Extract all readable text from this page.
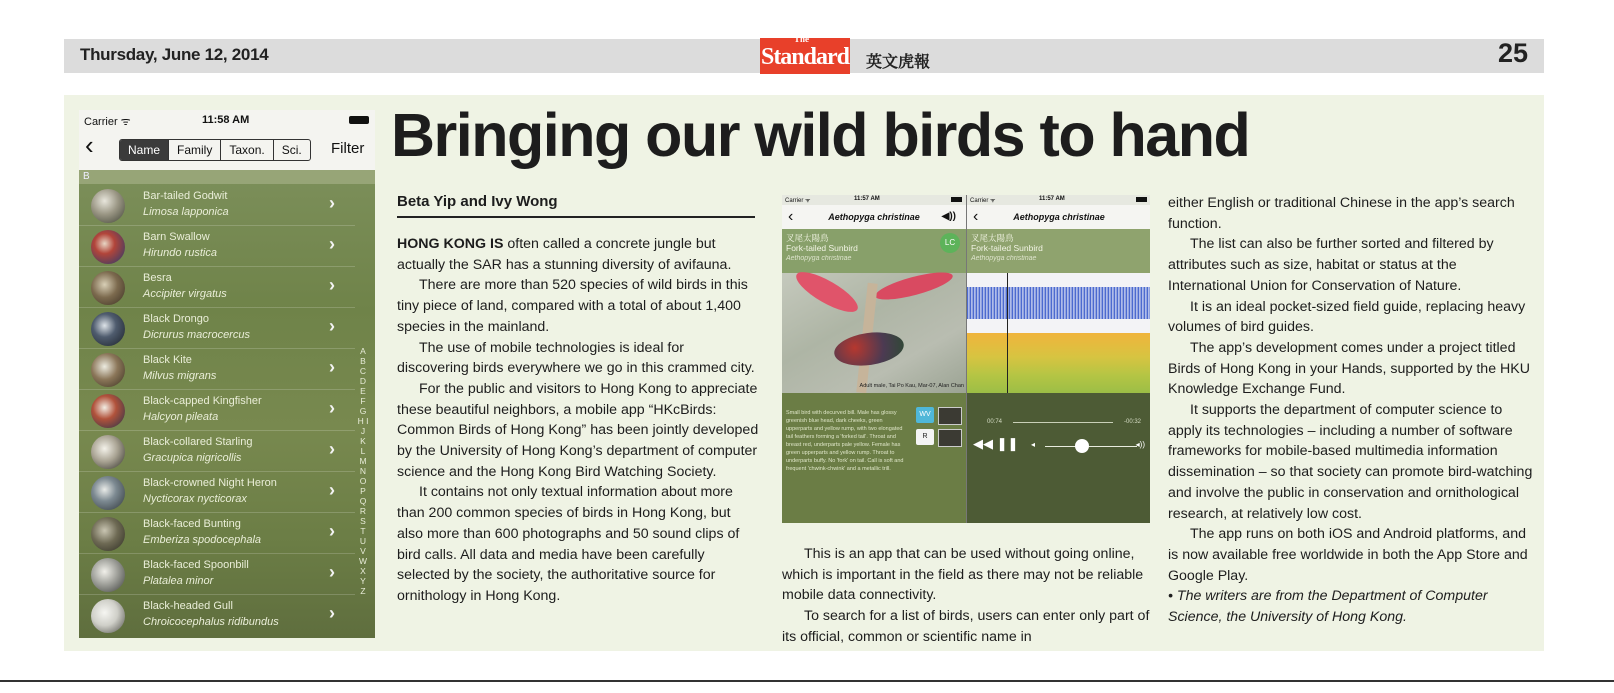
Thursday, June 12, 2014
The
Standard 英文虎報	25
Carrier ᯤ	11:58 AM
‹	Name	Family	Taxon.	Sci.	Filter
B
Bar-tailed Godwit
Limosa lapponica	›
Barn Swallow
Hirundo rustica	›
Besra
Accipiter virgatus	›
Black Drongo
Dicrurus macrocercus	›
Black Kite
Milvus migrans	›
Black-capped Kingfisher
Halcyon pileata	›
Black-collared Starling
Gracupica nigricollis	›
Black-crowned Night Heron
Nycticorax nycticorax	›
Black-faced Bunting
Emberiza spodocephala	›
Black-faced Spoonbill
Platalea minor	›
Black-headed Gull
Chroicocephalus ridibundus	›
A B C D E F G H I J K L M N O P Q R S T U V W X Y Z
Bringing our wild birds to hand
Beta Yip and Ivy Wong

HONG KONG IS often called a concrete jungle but actually the SAR has a stunning diversity of avifauna.

There are more than 520 species of wild birds in this tiny piece of land, compared with a total of about 1,400 species in the mainland.

The use of mobile technologies is ideal for discovering birds everywhere we go in this crammed city.

For the public and visitors to Hong Kong to appreciate these beautiful neighbors, a mobile app “HKcBirds: Common Birds of Hong Kong” has been jointly developed by the University of Hong Kong’s department of computer science and the Hong Kong Bird Watching Society.

It contains not only textual information about more than 200 common species of birds in Hong Kong, but also more than 600 photographs and 50 sound clips of bird calls. All data and media have been carefully selected by the society, the authoritative source for ornithology in Hong Kong.

Carrier ᯤ	11:57 AM
‹	Aethopyga christinae ◀))
叉尾太陽鳥
Fork-tailed Sunbird
Aethopyga christinae
LC
Adult male, Tai Po Kau, Mar-07, Alan Chan
Small bird with decurved bill. Male has glossy greenish blue head, dark cheeks, green upperparts and yellow rump, with two elongated tail feathers forming a 'forked tail'. Throat and breast red, underparts pale yellow. Female has green upperparts and yellow rump. Throat to underparts buffy. No 'fork' on tail. Call is soft and frequent 'chwink-chwink' and a metallic trill.
WV
R
Carrier ᯤ	11:57 AM
‹	Aethopyga christinae
叉尾太陽鳥
Fork-tailed Sunbird
Aethopyga christinae
00:74	-00:32
◀◀ ❚❚ ◂	◂))

This is an app that can be used without going online, which is important in the field as there may not be reliable mobile data connectivity.

To search for a list of birds, users can enter only part of its official, common or scientific name in

either English or traditional Chinese in the app’s search function.

The list can also be further sorted and filtered by attributes such as size, habitat or status at the International Union for Conservation of Nature.

It is an ideal pocket-sized field guide, replacing heavy volumes of bird guides.

The app’s development comes under a project titled Birds of Hong Kong in your Hands, supported by the HKU Knowledge Exchange Fund.

It supports the department of computer science to apply its technologies – including a number of software frameworks for mobile-based multimedia information dissemination – so that society can promote bird-watching and involve the public in conservation and ornithological research, at relatively low cost.

The app runs on both iOS and Android platforms, and is now available free worldwide in both the App Store and Google Play.

• The writers are from the Department of Computer Science, the University of Hong Kong.
